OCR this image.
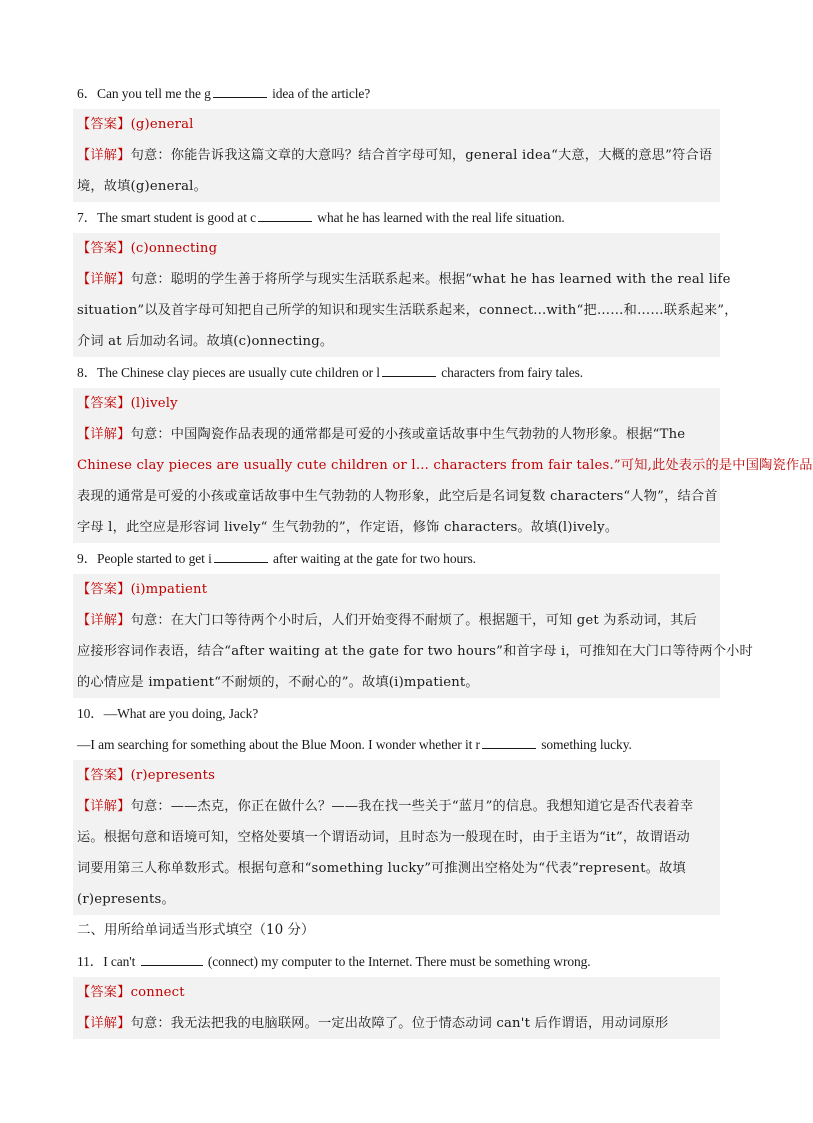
6．Can you tell me the g	idea of the article?
【答案】(g)eneral
【详解】句意：你能告诉我这篇文章的大意吗？结合首字母可知，general idea“大意，大概的意思”符合语
境，故填(g)eneral。
7．The smart student is good at c	what he has learned with the real life situation.
【答案】(c)onnecting
【详解】句意：聪明的学生善于将所学与现实生活联系起来。根据“what he has learned with the real life
situation”以及首字母可知把自己所学的知识和现实生活联系起来，connect...with“把……和……联系起来”，
介词 at 后加动名词。故填(c)onnecting。
8．The Chinese clay pieces are usually cute children or l	characters from fairy tales.
【答案】(l)ively
【详解】句意：中国陶瓷作品表现的通常都是可爱的小孩或童话故事中生气勃勃的人物形象。根据“The
Chinese clay pieces are usually cute children or l... characters from fair tales.”可知,此处表示的是中国陶瓷作品
表现的通常是可爱的小孩或童话故事中生气勃勃的人物形象，此空后是名词复数 characters“人物”，结合首
字母 l，此空应是形容词 lively“ 生气勃勃的”，作定语，修饰 characters。故填(l)ively。
9．People started to get i	after waiting at the gate for two hours.
【答案】(i)mpatient
【详解】句意：在大门口等待两个小时后，人们开始变得不耐烦了。根据题干，可知 get 为系动词，其后
应接形容词作表语，结合“after waiting at the gate for two hours”和首字母 i，可推知在大门口等待两个小时
的心情应是 impatient“不耐烦的，不耐心的”。故填(i)mpatient。
10．—What are you doing, Jack?
—I am searching for something about the Blue Moon. I wonder whether it r	something lucky.
【答案】(r)epresents
【详解】句意：——杰克，你正在做什么？——我在找一些关于“蓝月”的信息。我想知道它是否代表着幸
运。根据句意和语境可知，空格处要填一个谓语动词，且时态为一般现在时，由于主语为“it”，故谓语动
词要用第三人称单数形式。根据句意和“something lucky”可推测出空格处为“代表”represent。故填
(r)epresents。
二、用所给单词适当形式填空（10 分）
11．I can't	(connect) my computer to the Internet. There must be something wrong.
【答案】connect
【详解】句意：我无法把我的电脑联网。一定出故障了。位于情态动词 can't 后作谓语，用动词原形
